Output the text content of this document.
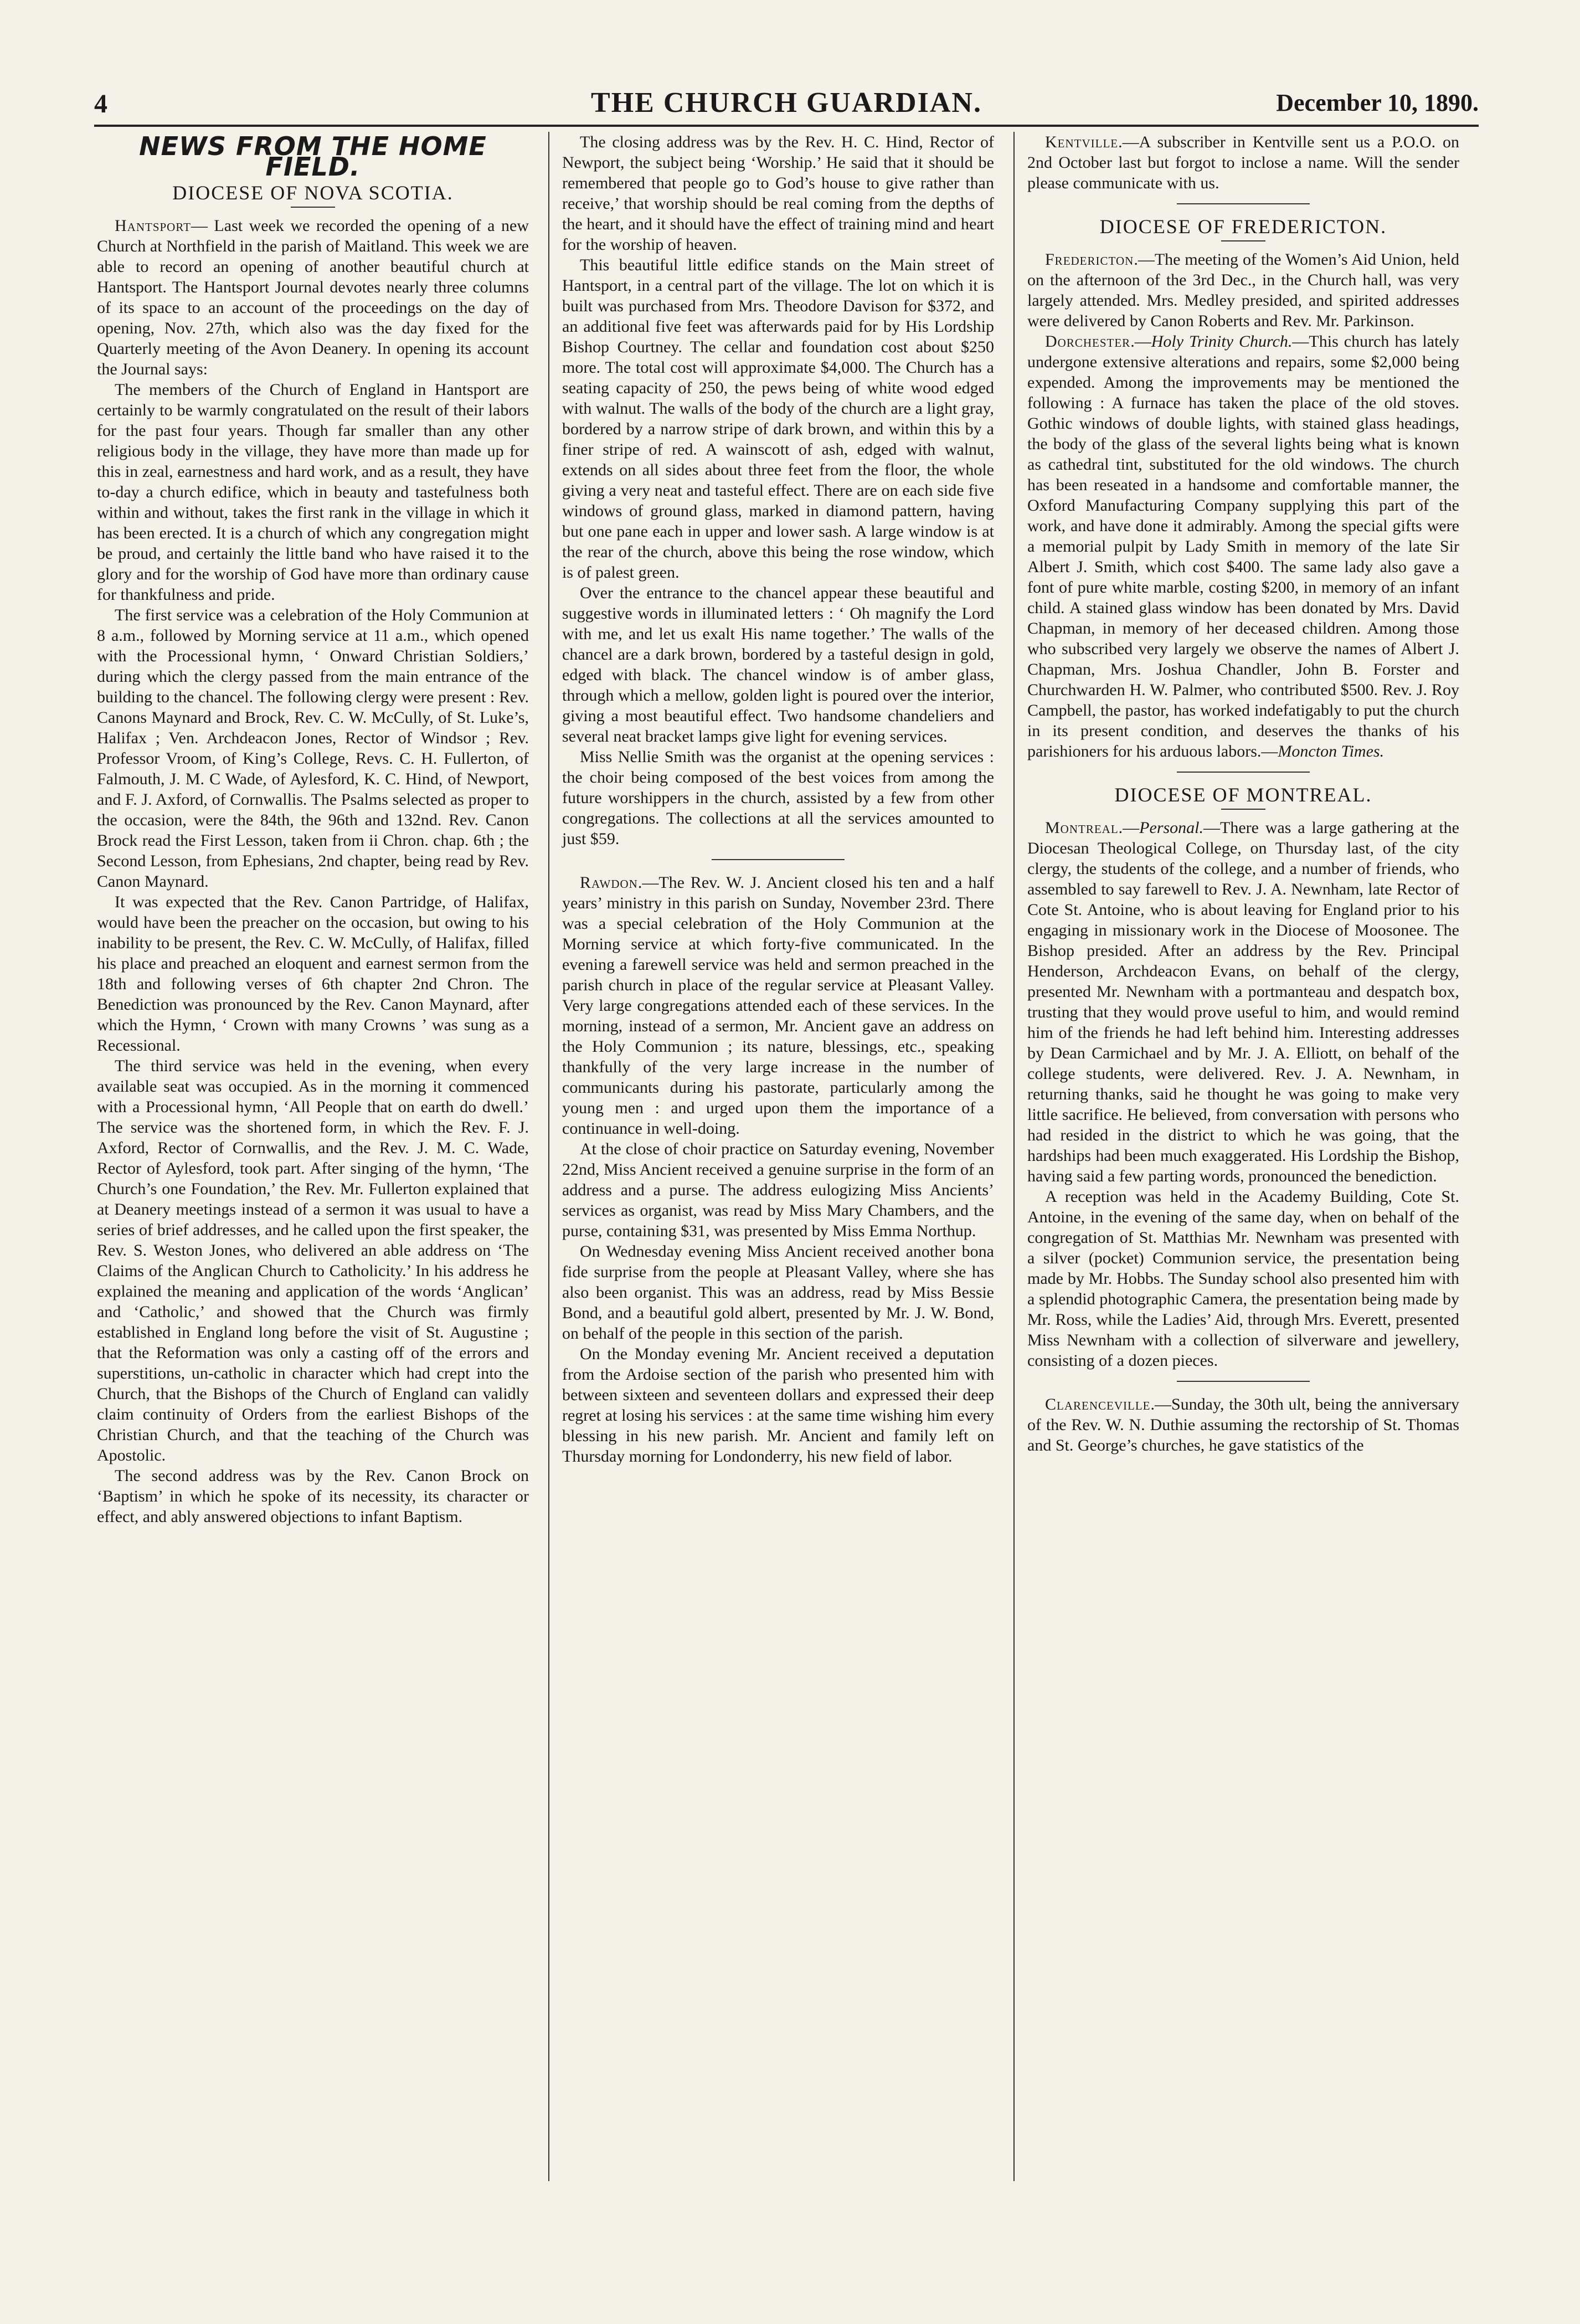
4	THE CHURCH GUARDIAN.	December 10, 1890.
NEWS FROM THE HOME FIELD.
DIOCESE OF NOVA SCOTIA.

Hantsport— Last week we recorded the opening of a new Church at Northfield in the parish of Maitland. This week we are able to record an opening of another beautiful church at Hantsport. The Hantsport Journal devotes nearly three columns of its space to an account of the proceedings on the day of opening, Nov. 27th, which also was the day fixed for the Quarterly meeting of the Avon Deanery. In opening its account the Journal says:

The members of the Church of England in Hantsport are certainly to be warmly congratulated on the result of their labors for the past four years. Though far smaller than any other religious body in the village, they have more than made up for this in zeal, earnestness and hard work, and as a result, they have to-day a church edifice, which in beauty and tastefulness both within and without, takes the first rank in the village in which it has been erected. It is a church of which any congregation might be proud, and certainly the little band who have raised it to the glory and for the worship of God have more than ordinary cause for thankfulness and pride.

The first service was a celebration of the Holy Communion at 8 a.m., followed by Morning service at 11 a.m., which opened with the Processional hymn, ‘ Onward Christian Soldiers,’ during which the clergy passed from the main entrance of the building to the chancel. The following clergy were present : Rev. Canons Maynard and Brock, Rev. C. W. McCully, of St. Luke’s, Halifax ; Ven. Archdeacon Jones, Rector of Windsor ; Rev. Professor Vroom, of King’s College, Revs. C. H. Fullerton, of Falmouth, J. M. C Wade, of Aylesford, K. C. Hind, of Newport, and F. J. Axford, of Cornwallis. The Psalms selected as proper to the occasion, were the 84th, the 96th and 132nd. Rev. Canon Brock read the First Lesson, taken from ii Chron. chap. 6th ; the Second Lesson, from Ephesians, 2nd chapter, being read by Rev. Canon Maynard.

It was expected that the Rev. Canon Partridge, of Halifax, would have been the preacher on the occasion, but owing to his inability to be present, the Rev. C. W. McCully, of Halifax, filled his place and preached an eloquent and earnest sermon from the 18th and following verses of 6th chapter 2nd Chron. The Benediction was pronounced by the Rev. Canon Maynard, after which the Hymn, ‘ Crown with many Crowns ’ was sung as a Recessional.

The third service was held in the evening, when every available seat was occupied. As in the morning it commenced with a Processional hymn, ‘All People that on earth do dwell.’ The service was the shortened form, in which the Rev. F. J. Axford, Rector of Cornwallis, and the Rev. J. M. C. Wade, Rector of Aylesford, took part. After singing of the hymn, ‘The Church’s one Foundation,’ the Rev. Mr. Fullerton explained that at Deanery meetings instead of a sermon it was usual to have a series of brief addresses, and he called upon the first speaker, the Rev. S. Weston Jones, who delivered an able address on ‘The Claims of the Anglican Church to Catholicity.’ In his address he explained the meaning and application of the words ‘Anglican’ and ‘Catholic,’ and showed that the Church was firmly established in England long before the visit of St. Augustine ; that the Reformation was only a casting off of the errors and superstitions, un-catholic in character which had crept into the Church, that the Bishops of the Church of England can validly claim continuity of Orders from the earliest Bishops of the Christian Church, and that the teaching of the Church was Apostolic.

The second address was by the Rev. Canon Brock on ‘Baptism’ in which he spoke of its necessity, its character or effect, and ably answered objections to infant Baptism.

The closing address was by the Rev. H. C. Hind, Rector of Newport, the subject being ‘Worship.’ He said that it should be remembered that people go to God’s house to give rather than receive,’ that worship should be real coming from the depths of the heart, and it should have the effect of training mind and heart for the worship of heaven.

This beautiful little edifice stands on the Main street of Hantsport, in a central part of the village. The lot on which it is built was purchased from Mrs. Theodore Davison for $372, and an additional five feet was afterwards paid for by His Lordship Bishop Courtney. The cellar and foundation cost about $250 more. The total cost will approximate $4,000. The Church has a seating capacity of 250, the pews being of white wood edged with walnut. The walls of the body of the church are a light gray, bordered by a narrow stripe of dark brown, and within this by a finer stripe of red. A wainscott of ash, edged with walnut, extends on all sides about three feet from the floor, the whole giving a very neat and tasteful effect. There are on each side five windows of ground glass, marked in diamond pattern, having but one pane each in upper and lower sash. A large window is at the rear of the church, above this being the rose window, which is of palest green.

Over the entrance to the chancel appear these beautiful and suggestive words in illuminated letters : ‘ Oh magnify the Lord with me, and let us exalt His name together.’ The walls of the chancel are a dark brown, bordered by a tasteful design in gold, edged with black. The chancel window is of amber glass, through which a mellow, golden light is poured over the interior, giving a most beautiful effect. Two handsome chandeliers and several neat bracket lamps give light for evening services.

Miss Nellie Smith was the organist at the opening services : the choir being composed of the best voices from among the future worshippers in the church, assisted by a few from other congregations. The collections at all the services amounted to just $59.

Rawdon.—The Rev. W. J. Ancient closed his ten and a half years’ ministry in this parish on Sunday, November 23rd. There was a special celebration of the Holy Communion at the Morning service at which forty-five communicated. In the evening a farewell service was held and sermon preached in the parish church in place of the regular service at Pleasant Valley. Very large congregations attended each of these services. In the morning, instead of a sermon, Mr. Ancient gave an address on the Holy Communion ; its nature, blessings, etc., speaking thankfully of the very large increase in the number of communicants during his pastorate, particularly among the young men : and urged upon them the importance of a continuance in well-doing.

At the close of choir practice on Saturday evening, November 22nd, Miss Ancient received a genuine surprise in the form of an address and a purse. The address eulogizing Miss Ancients’ services as organist, was read by Miss Mary Chambers, and the purse, containing $31, was presented by Miss Emma Northup.

On Wednesday evening Miss Ancient received another bona fide surprise from the people at Pleasant Valley, where she has also been organist. This was an address, read by Miss Bessie Bond, and a beautiful gold albert, presented by Mr. J. W. Bond, on behalf of the people in this section of the parish.

On the Monday evening Mr. Ancient received a deputation from the Ardoise section of the parish who presented him with between sixteen and seventeen dollars and expressed their deep regret at losing his services : at the same time wishing him every blessing in his new parish. Mr. Ancient and family left on Thursday morning for Londonderry, his new field of labor.

Kentville.—A subscriber in Kentville sent us a P.O.O. on 2nd October last but forgot to inclose a name. Will the sender please communicate with us.

DIOCESE OF FREDERICTON.

Fredericton.—The meeting of the Women’s Aid Union, held on the afternoon of the 3rd Dec., in the Church hall, was very largely attended. Mrs. Medley presided, and spirited addresses were delivered by Canon Roberts and Rev. Mr. Parkinson.

Dorchester.—Holy Trinity Church.—This church has lately undergone extensive alterations and repairs, some $2,000 being expended. Among the improvements may be mentioned the following : A furnace has taken the place of the old stoves. Gothic windows of double lights, with stained glass headings, the body of the glass of the several lights being what is known as cathedral tint, substituted for the old windows. The church has been reseated in a handsome and comfortable manner, the Oxford Manufacturing Company supplying this part of the work, and have done it admirably. Among the special gifts were a memorial pulpit by Lady Smith in memory of the late Sir Albert J. Smith, which cost $400. The same lady also gave a font of pure white marble, costing $200, in memory of an infant child. A stained glass window has been donated by Mrs. David Chapman, in memory of her deceased children. Among those who subscribed very largely we observe the names of Albert J. Chapman, Mrs. Joshua Chandler, John B. Forster and Churchwarden H. W. Palmer, who contributed $500. Rev. J. Roy Campbell, the pastor, has worked indefatigably to put the church in its present condition, and deserves the thanks of his parishioners for his arduous labors.—Moncton Times.

DIOCESE OF MONTREAL.

Montreal.—Personal.—There was a large gathering at the Diocesan Theological College, on Thursday last, of the city clergy, the students of the college, and a number of friends, who assembled to say farewell to Rev. J. A. Newnham, late Rector of Cote St. Antoine, who is about leaving for England prior to his engaging in missionary work in the Diocese of Moosonee. The Bishop presided. After an address by the Rev. Principal Henderson, Archdeacon Evans, on behalf of the clergy, presented Mr. Newnham with a portmanteau and despatch box, trusting that they would prove useful to him, and would remind him of the friends he had left behind him. Interesting addresses by Dean Carmichael and by Mr. J. A. Elliott, on behalf of the college students, were delivered. Rev. J. A. Newnham, in returning thanks, said he thought he was going to make very little sacrifice. He believed, from conversation with persons who had resided in the district to which he was going, that the hardships had been much exaggerated. His Lordship the Bishop, having said a few parting words, pronounced the benediction.

A reception was held in the Academy Building, Cote St. Antoine, in the evening of the same day, when on behalf of the congregation of St. Matthias Mr. Newnham was presented with a silver (pocket) Communion service, the presentation being made by Mr. Hobbs. The Sunday school also presented him with a splendid photographic Camera, the presentation being made by Mr. Ross, while the Ladies’ Aid, through Mrs. Everett, presented Miss Newnham with a collection of silverware and jewellery, consisting of a dozen pieces.

Clarenceville.—Sunday, the 30th ult, being the anniversary of the Rev. W. N. Duthie assuming the rectorship of St. Thomas and St. George’s churches, he gave statistics of the
